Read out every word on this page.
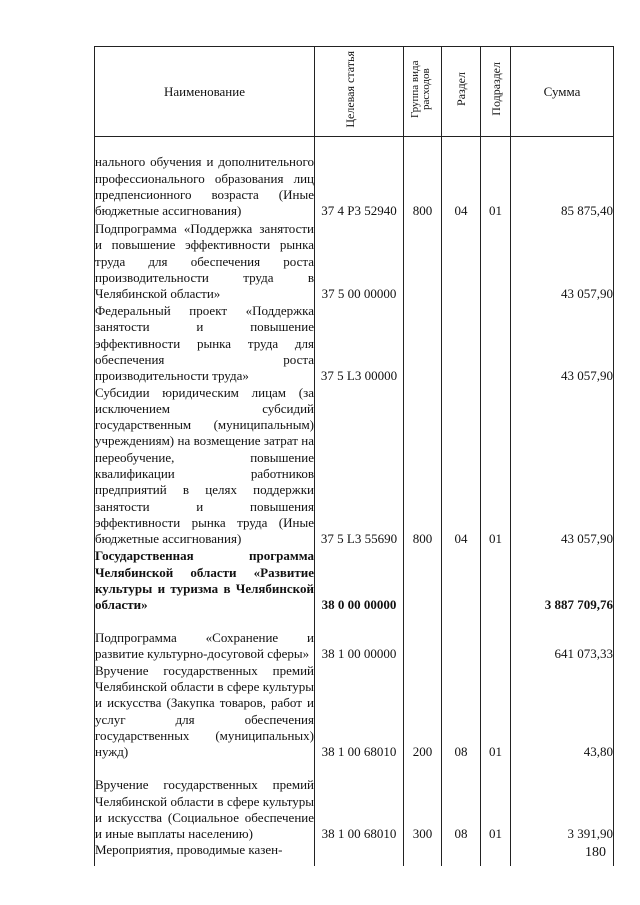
Наименование	Целевая статья	Группа вида расходов	Раздел	Подраздел	Сумма
нального обучения и дополнительного профессионального образования лиц предпенсионного возраста (Иные бюджетные ассигнования)	37 4 P3 52940	800	04	01	85 875,40
Подпрограмма «Поддержка занятости и повышение эффективности рынка труда для обеспечения роста производительности труда в Челябинской области»	37 5 00 00000				43 057,90
Федеральный проект «Поддержка занятости и повышение эффективности рынка труда для обеспечения роста производительности труда»	37 5 L3 00000				43 057,90
Субсидии юридическим лицам (за исключением субсидий государственным (муниципальным) учреждениям) на возмещение затрат на переобучение, повышение квалификации работников предприятий в целях поддержки занятости и повышения эффективности рынка труда (Иные бюджетные ассигнования)	37 5 L3 55690	800	04	01	43 057,90
Государственная программа Челябинской области «Развитие культуры и туризма в Челябинской области»	38 0 00 00000				3 887 709,76
Подпрограмма «Сохранение и развитие культурно-досуговой сферы»	38 1 00 00000				641 073,33
Вручение государственных премий Челябинской области в сфере культуры и искусства (Закупка товаров, работ и услуг для обеспечения государственных (муниципальных) нужд)	38 1 00 68010	200	08	01	43,80
Вручение государственных премий Челябинской области в сфере культуры и искусства (Социальное обеспечение и иные выплаты населению)	38 1 00 68010	300	08	01	3 391,90
Мероприятия, проводимые казен-						180
